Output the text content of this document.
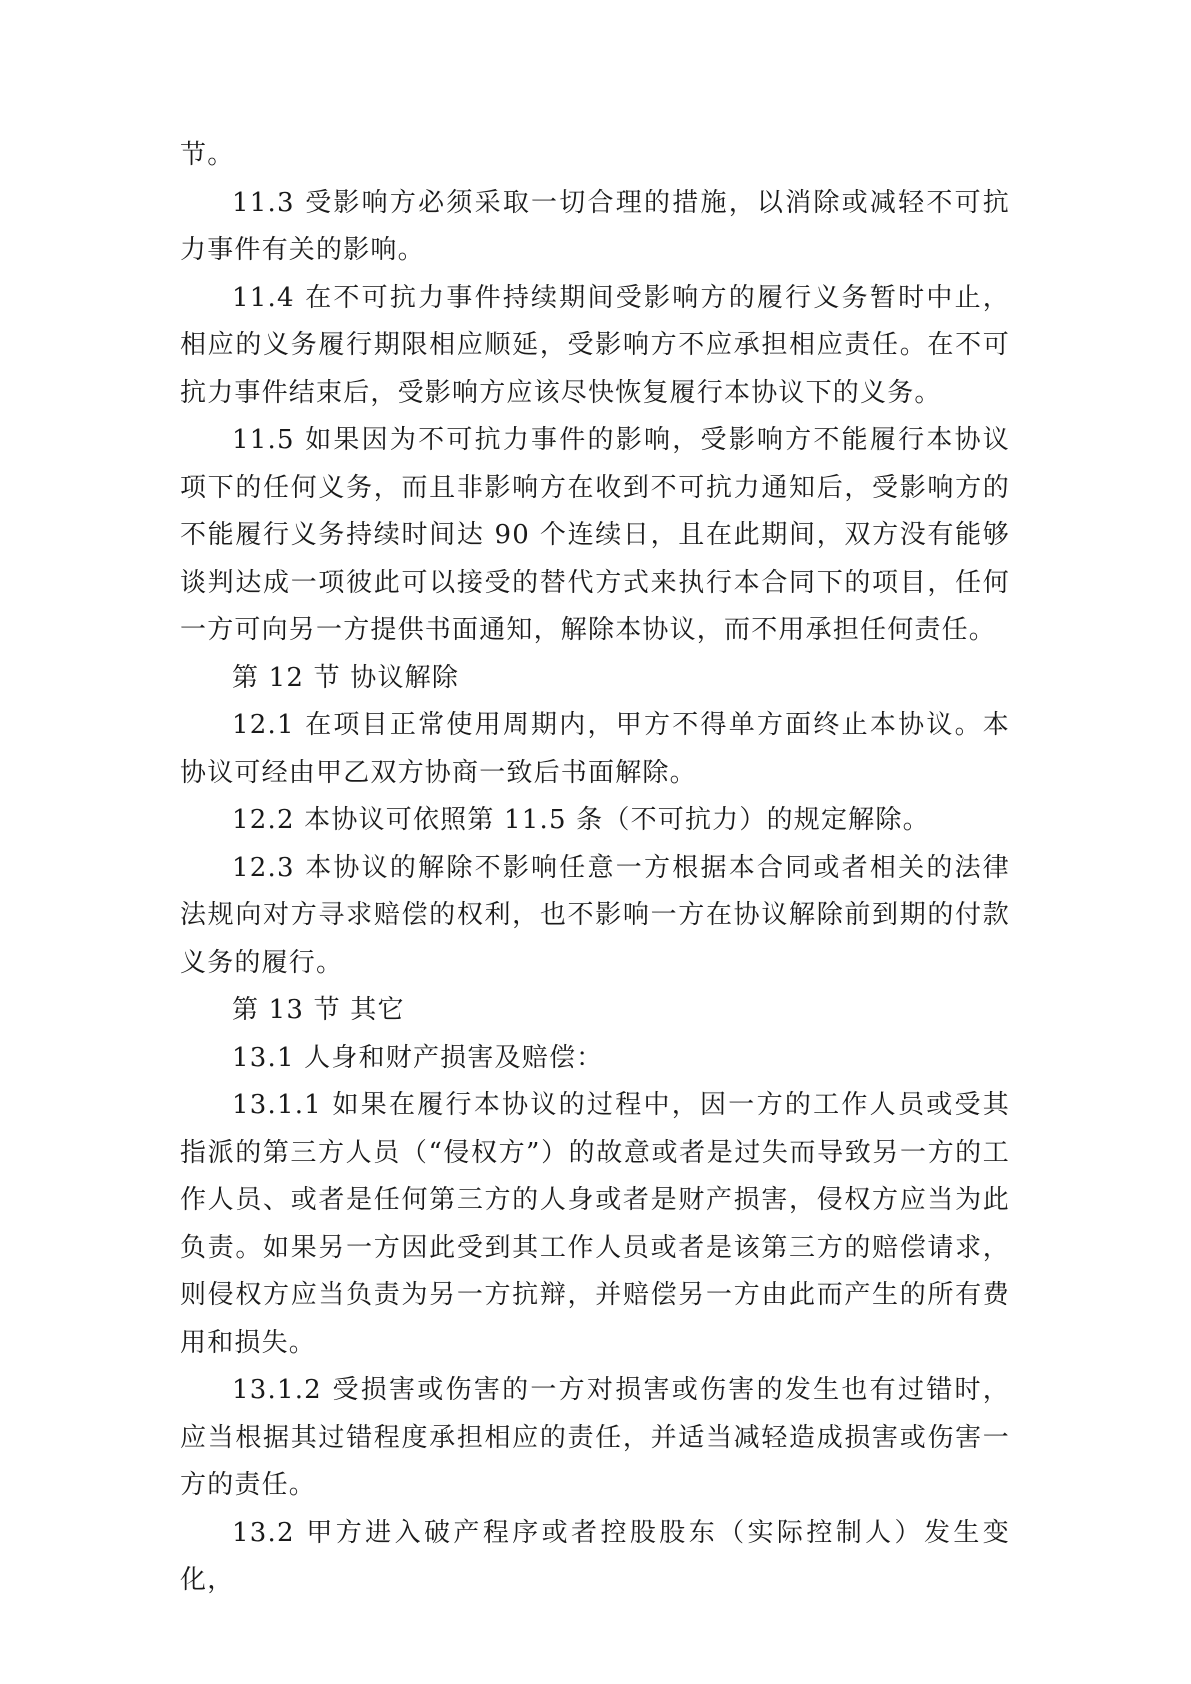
节。

11.3 受影响方必须采取一切合理的措施，以消除或减轻不可抗力事件有关的影响。

11.4 在不可抗力事件持续期间受影响方的履行义务暂时中止，相应的义务履行期限相应顺延，受影响方不应承担相应责任。在不可抗力事件结束后，受影响方应该尽快恢复履行本协议下的义务。

11.5 如果因为不可抗力事件的影响，受影响方不能履行本协议项下的任何义务，而且非影响方在收到不可抗力通知后，受影响方的不能履行义务持续时间达 90 个连续日，且在此期间，双方没有能够谈判达成一项彼此可以接受的替代方式来执行本合同下的项目，任何一方可向另一方提供书面通知，解除本协议，而不用承担任何责任。

第 12 节 协议解除

12.1 在项目正常使用周期内，甲方不得单方面终止本协议。本协议可经由甲乙双方协商一致后书面解除。

12.2 本协议可依照第 11.5 条（不可抗力）的规定解除。

12.3 本协议的解除不影响任意一方根据本合同或者相关的法律法规向对方寻求赔偿的权利，也不影响一方在协议解除前到期的付款义务的履行。

第 13 节 其它

13.1 人身和财产损害及赔偿：

13.1.1 如果在履行本协议的过程中，因一方的工作人员或受其指派的第三方人员（“侵权方”）的故意或者是过失而导致另一方的工作人员、或者是任何第三方的人身或者是财产损害，侵权方应当为此负责。如果另一方因此受到其工作人员或者是该第三方的赔偿请求，则侵权方应当负责为另一方抗辩，并赔偿另一方由此而产生的所有费用和损失。

13.1.2 受损害或伤害的一方对损害或伤害的发生也有过错时，应当根据其过错程度承担相应的责任，并适当减轻造成损害或伤害一方的责任。

13.2 甲方进入破产程序或者控股股东（实际控制人）发生变化，
